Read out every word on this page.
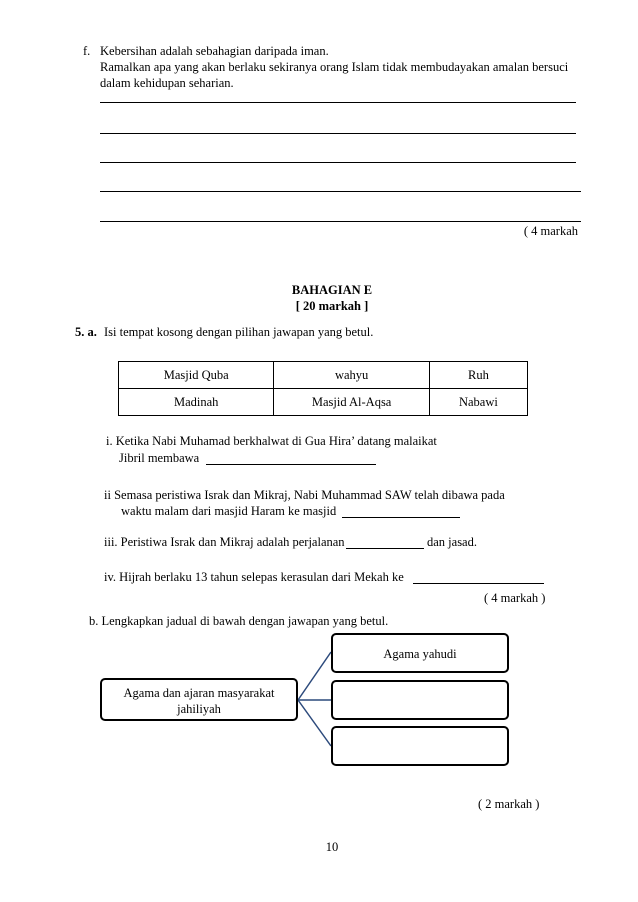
f. Kebersihan adalah sebahagian daripada iman.
Ramalkan apa yang akan berlaku sekiranya orang Islam tidak membudayakan amalan bersuci
dalam kehidupan seharian.
( 4 markah
BAHAGIAN E
[ 20 markah ]
5. a. Isi tempat kosong dengan pilihan jawapan yang betul.
Masjid Quba	wahyu	Ruh
Madinah	Masjid Al-Aqsa	Nabawi
i. Ketika Nabi Muhamad berkhalwat di Gua Hira’ datang malaikat
Jibril membawa
ii Semasa peristiwa Israk dan Mikraj, Nabi Muhammad SAW telah dibawa pada
waktu malam dari masjid Haram ke masjid
iii. Peristiwa Israk dan Mikraj adalah perjalanan	dan jasad.
iv. Hijrah berlaku 13 tahun selepas kerasulan dari Mekah ke
( 4 markah )
b. Lengkapkan jadual di bawah dengan jawapan yang betul.
Agama dan ajaran masyarakat
jahiliyah
Agama yahudi
( 2 markah )
10
